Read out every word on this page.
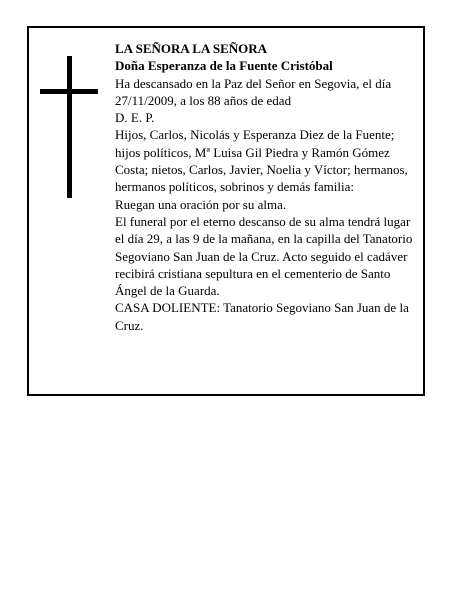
LA SEÑORA LA SEÑORA

Doña Esperanza de la Fuente Cristóbal

Ha descansado en la Paz del Señor en Segovia, el día 27/11/2009, a los 88 años de edad

D. E. P.

Hijos, Carlos, Nicolás y Esperanza Diez de la Fuente; hijos políticos, Mª Luisa Gil Piedra y Ramón Gómez Costa; nietos, Carlos, Javier, Noelia y Víctor; hermanos, hermanos políticos, sobrinos y demás familia:

Ruegan una oración por su alma.

El funeral por el eterno descanso de su alma tendrá lugar el día 29, a las 9 de la mañana, en la capilla del Tanatorio Segoviano San Juan de la Cruz. Acto seguido el cadáver recibirá cristiana sepultura en el cementerio de Santo Ángel de la Guarda.

CASA DOLIENTE: Tanatorio Segoviano San Juan de la Cruz.
